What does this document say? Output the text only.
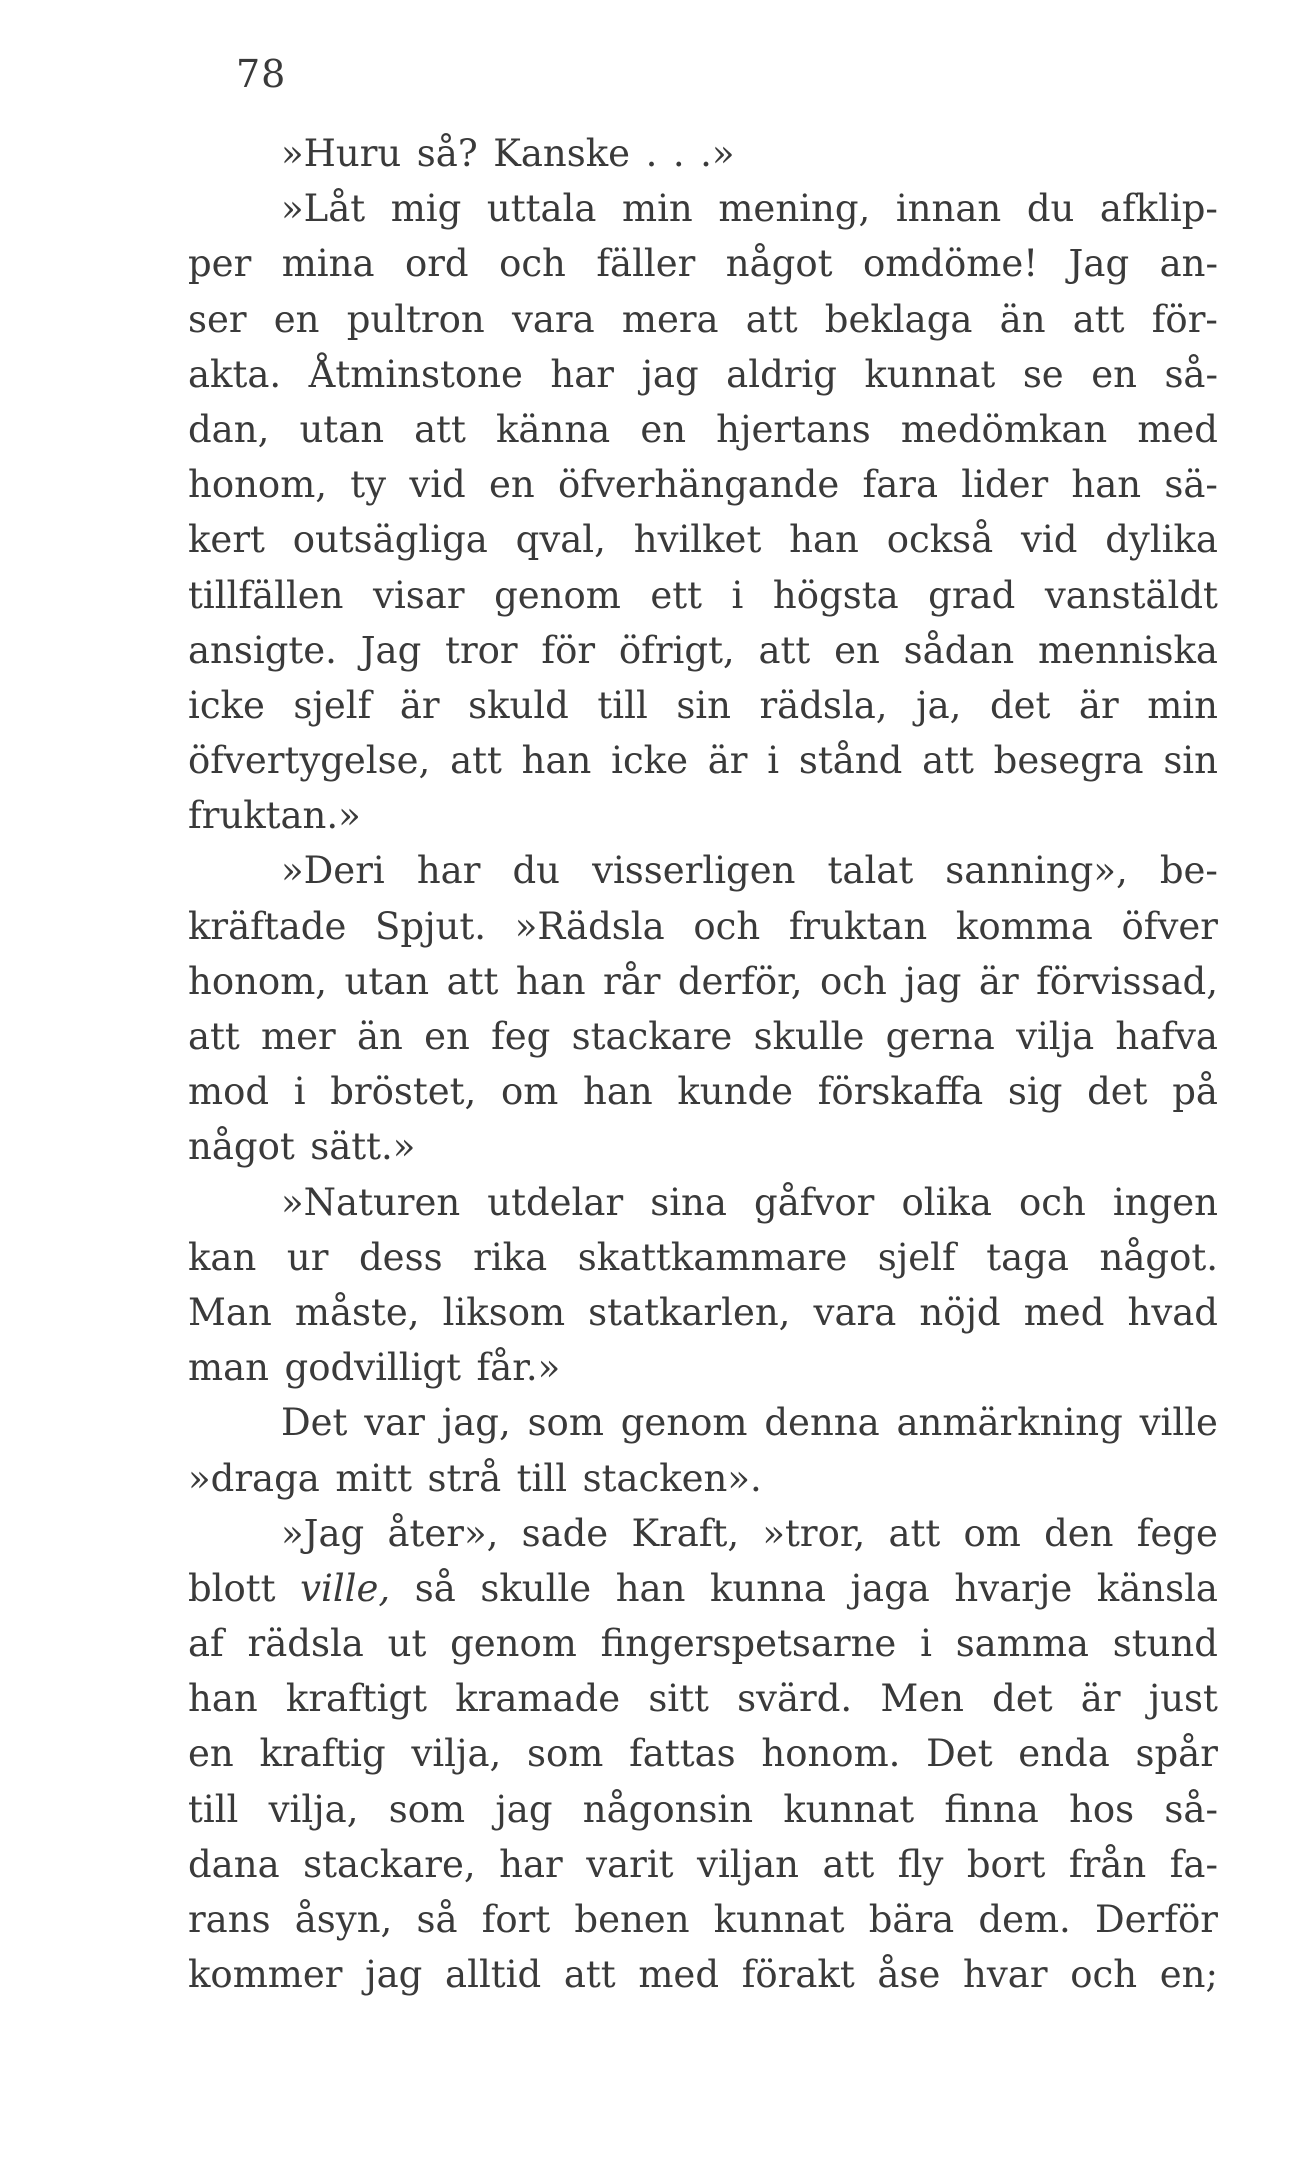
78
»Huru så? Kanske . . .»
»Låt mig uttala min mening, innan du afklip-
per mina ord och fäller något omdöme! Jag an-
ser en pultron vara mera att beklaga än att för-
akta. Åtminstone har jag aldrig kunnat se en så-
dan, utan att känna en hjertans medömkan med
honom, ty vid en öfverhängande fara lider han sä-
kert outsägliga qval, hvilket han också vid dylika
tillfällen visar genom ett i högsta grad vanstäldt
ansigte. Jag tror för öfrigt, att en sådan menniska
icke sjelf är skuld till sin rädsla, ja, det är min
öfvertygelse, att han icke är i stånd att besegra sin
fruktan.»
»Deri har du visserligen talat sanning», be-
kräftade Spjut. »Rädsla och fruktan komma öfver
honom, utan att han rår derför, och jag är förvissad,
att mer än en feg stackare skulle gerna vilja hafva
mod i bröstet, om han kunde förskaffa sig det på
något sätt.»
»Naturen utdelar sina gåfvor olika och ingen
kan ur dess rika skattkammare sjelf taga något.
Man måste, liksom statkarlen, vara nöjd med hvad
man godvilligt får.»
Det var jag, som genom denna anmärkning ville
»draga mitt strå till stacken».
»Jag åter», sade Kraft, »tror, att om den fege
blott ville, så skulle han kunna jaga hvarje känsla
af rädsla ut genom fingerspetsarne i samma stund
han kraftigt kramade sitt svärd. Men det är just
en kraftig vilja, som fattas honom. Det enda spår
till vilja, som jag någonsin kunnat finna hos så-
dana stackare, har varit viljan att fly bort från fa-
rans åsyn, så fort benen kunnat bära dem. Derför
kommer jag alltid att med förakt åse hvar och en;
